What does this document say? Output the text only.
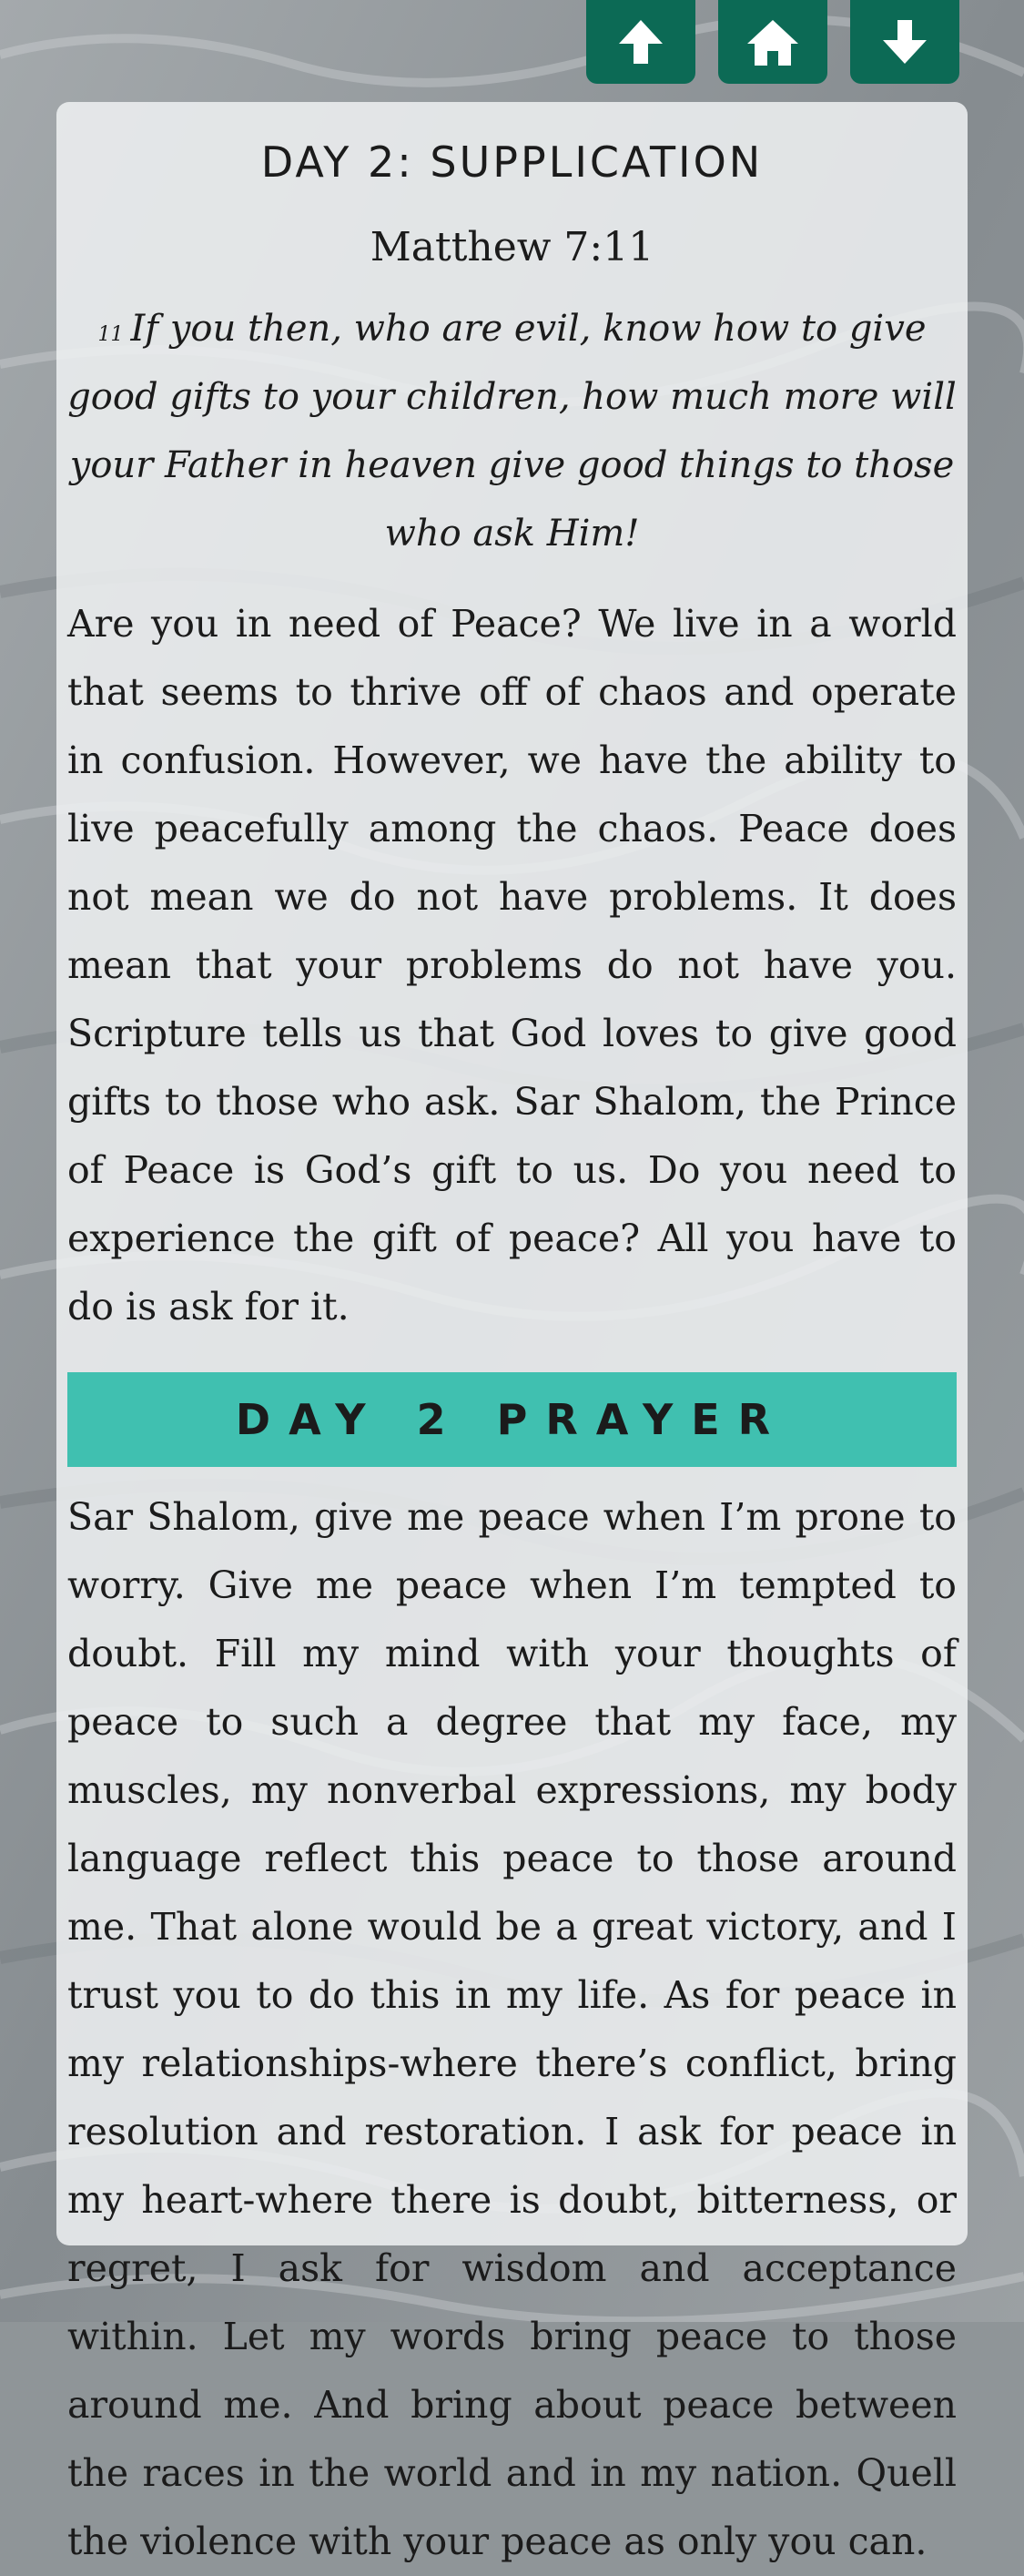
DAY 2: SUPPLICATION
Matthew 7:11
$^{11}$ If you then, who are evil, know how to give good gifts to your children, how much more will your Father in heaven give good things to those who ask Him!
Are you in need of Peace? We live in a world that seems to thrive off of chaos and operate in confusion. However, we have the ability to live peacefully among the chaos. Peace does not mean we do not have problems. It does mean that your problems do not have you. Scripture tells us that God loves to give good gifts to those who ask. Sar Shalom, the Prince of Peace is God’s gift to us. Do you need to experience the gift of peace? All you have to do is ask for it.
DAY 2 PRAYER
Sar Shalom, give me peace when I’m prone to worry. Give me peace when I’m tempted to doubt. Fill my mind with your thoughts of peace to such a degree that my face, my muscles, my nonverbal expressions, my body language reflect this peace to those around me. That alone would be a great victory, and I trust you to do this in my life. As for peace in my relationships-where there’s conflict, bring resolution and restoration. I ask for peace in my heart-where there is doubt, bitterness, or regret, I ask for wisdom and acceptance within. Let my words bring peace to those around me. And bring about peace between the races in the world and in my nation. Quell the violence with your peace as only you can.
